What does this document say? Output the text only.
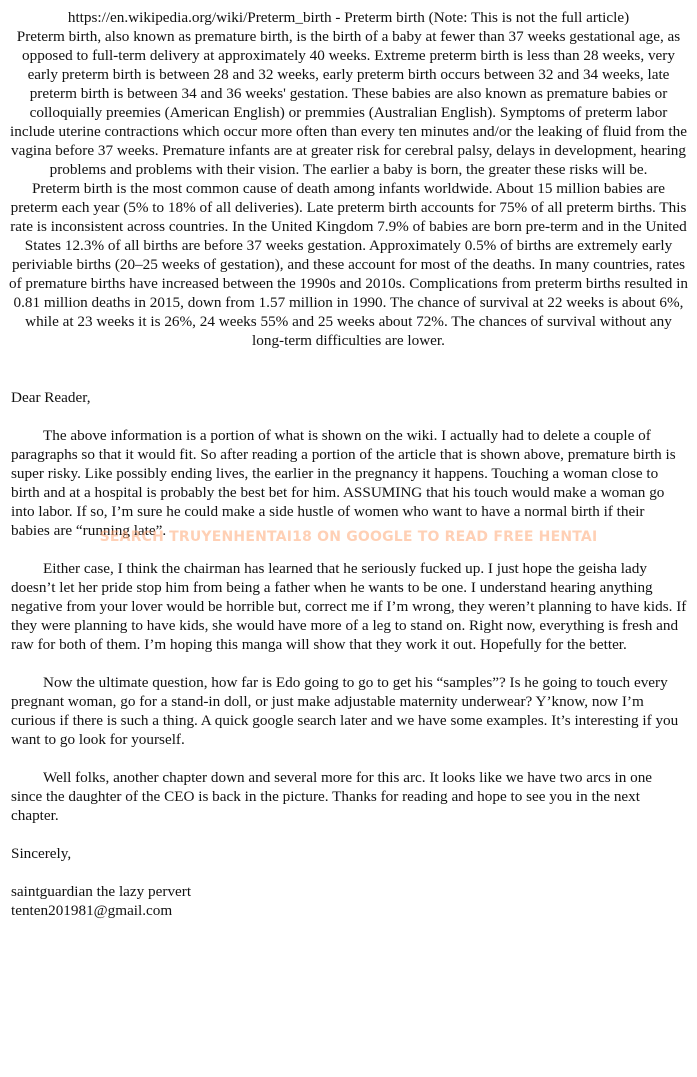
https://en.wikipedia.org/wiki/Preterm_birth - Preterm birth (Note: This is not the full article)

Preterm birth, also known as premature birth, is the birth of a baby at fewer than 37 weeks gestational age, as opposed to full-term delivery at approximately 40 weeks. Extreme preterm birth is less than 28 weeks, very early preterm birth is between 28 and 32 weeks, early preterm birth occurs between 32 and 34 weeks, late preterm birth is between 34 and 36 weeks' gestation. These babies are also known as premature babies or colloquially preemies (American English) or premmies (Australian English). Symptoms of preterm labor include uterine contractions which occur more often than every ten minutes and/or the leaking of fluid from the vagina before 37 weeks. Premature infants are at greater risk for cerebral palsy, delays in development, hearing problems and problems with their vision. The earlier a baby is born, the greater these risks will be.

Preterm birth is the most common cause of death among infants worldwide. About 15 million babies are preterm each year (5% to 18% of all deliveries). Late preterm birth accounts for 75% of all preterm births. This rate is inconsistent across countries. In the United Kingdom 7.9% of babies are born pre-term and in the United States 12.3% of all births are before 37 weeks gestation. Approximately 0.5% of births are extremely early periviable births (20–25 weeks of gestation), and these account for most of the deaths. In many countries, rates of premature births have increased between the 1990s and 2010s. Complications from preterm births resulted in 0.81 million deaths in 2015, down from 1.57 million in 1990. The chance of survival at 22 weeks is about 6%, while at 23 weeks it is 26%, 24 weeks 55% and 25 weeks about 72%. The chances of survival without any long-term difficulties are lower.

Dear Reader,

The above information is a portion of what is shown on the wiki. I actually had to delete a couple of paragraphs so that it would fit. So after reading a portion of the article that is shown above, premature birth is super risky. Like possibly ending lives, the earlier in the pregnancy it happens. Touching a woman close to birth and at a hospital is probably the best bet for him. ASSUMING that his touch would make a woman go into labor. If so, I’m sure he could make a side hustle of women who want to have a normal birth if their babies are “running late”.

Either case, I think the chairman has learned that he seriously fucked up. I just hope the geisha lady doesn’t let her pride stop him from being a father when he wants to be one. I understand hearing anything negative from your lover would be horrible but, correct me if I’m wrong, they weren’t planning to have kids. If they were planning to have kids, she would have more of a leg to stand on. Right now, everything is fresh and raw for both of them. I’m hoping this manga will show that they work it out. Hopefully for the better.

Now the ultimate question, how far is Edo going to go to get his “samples”? Is he going to touch every pregnant woman, go for a stand-in doll, or just make adjustable maternity underwear? Y’know, now I’m curious if there is such a thing. A quick google search later and we have some examples. It’s interesting if you want to go look for yourself.

Well folks, another chapter down and several more for this arc. It looks like we have two arcs in one since the daughter of the CEO is back in the picture. Thanks for reading and hope to see you in the next chapter.

Sincerely,

saintguardian the lazy pervert

tenten201981@gmail.com

SEARCH TRUYENHENTAI18 ON GOOGLE TO READ FREE HENTAI
